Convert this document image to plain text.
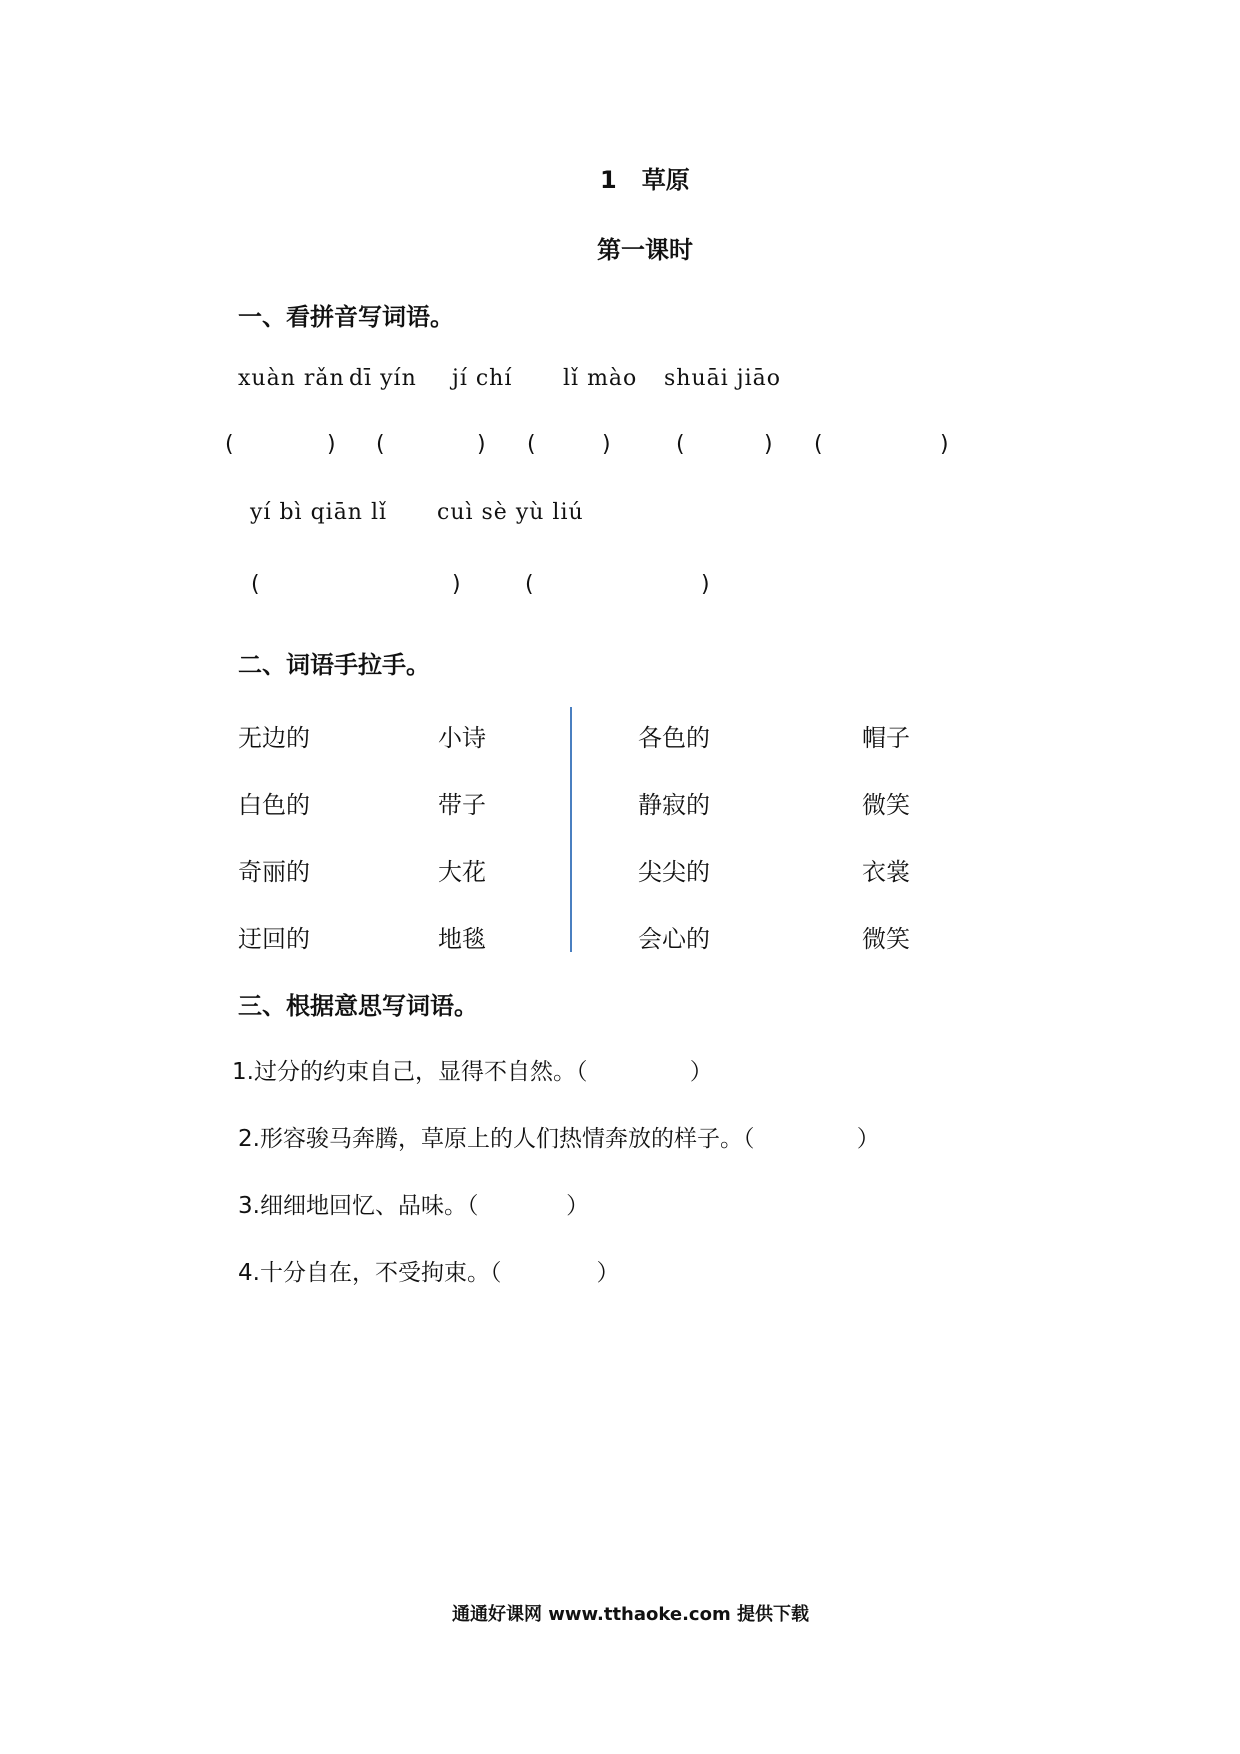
1   草原
第一课时
一、看拼音写词语。
xuàn rǎn dī yín jí chí lǐ mào shuāi jiāo
(	) (	) (	)	(	) (	)
yí bì qiān lǐ cuì sè yù liú
(	)	(	)
二、词语手拉手。
无边的	小诗
白色的	带子
奇丽的	大花
迂回的	地毯
各色的	帽子
静寂的	微笑
尖尖的	衣裳
会心的	微笑
三、根据意思写词语。
1.过分的约束自己，显得不自然。（              ）
2.形容骏马奔腾，草原上的人们热情奔放的样子。（              ）
3.细细地回忆、品味。（            ）
4.十分自在，不受拘束。（             ）
通通好课网 www.tthaoke.com 提供下载
